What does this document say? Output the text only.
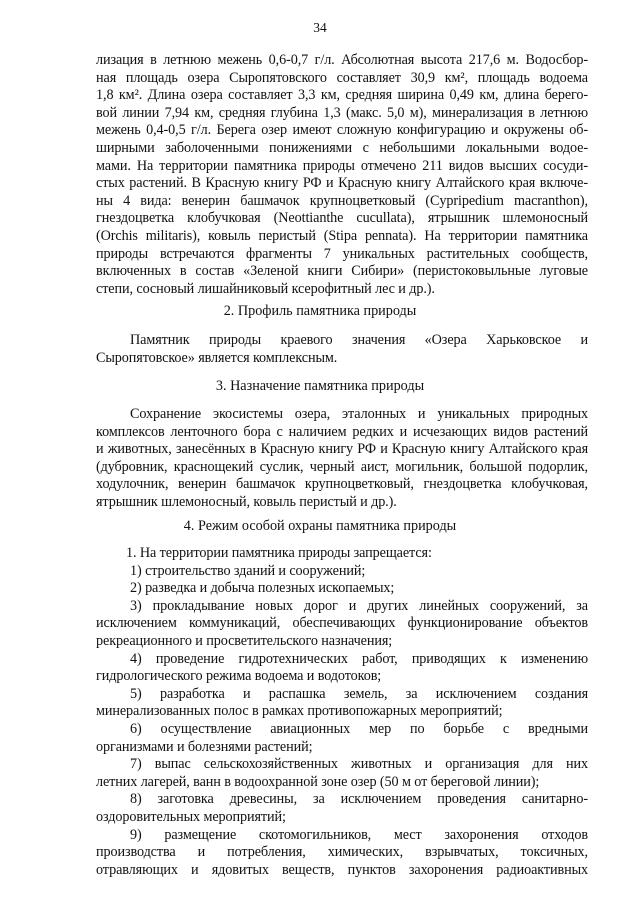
34
лизация в летнюю межень 0,6-0,7 г/л. Абсолютная высота 217,6 м. Водосбор-
ная площадь озера Сыропятовского составляет 30,9 км², площадь водоема
1,8 км². Длина озера составляет 3,3 км, средняя ширина 0,49 км, длина берего-
вой линии 7,94 км, средняя глубина 1,3 (макс. 5,0 м), минерализация в летнюю
межень 0,4-0,5 г/л. Берега озер имеют сложную конфигурацию и окружены об-
ширными заболоченными понижениями с небольшими локальными водое-
мами. На территории памятника природы отмечено 211 видов высших сосуди-
стых растений. В Красную книгу РФ и Красную книгу Алтайского края включе-
ны 4 вида: венерин башмачок крупноцветковый (Cypripedium macranthon),
гнездоцветка клобучковая (Neottianthe cucullata), ятрышник шлемоносный
(Orchis militaris), ковыль перистый (Stipa pennata). На территории памятника
природы встречаются фрагменты 7 уникальных растительных сообществ,
включенных в состав «Зеленой книги Сибири» (перистоковыльные луговые
степи, сосновый лишайниковый ксерофитный лес и др.).
2. Профиль памятника природы
Памятник природы краевого значения «Озера Харьковское и
Сыропятовское» является комплексным.
3. Назначение памятника природы
Сохранение экосистемы озера, эталонных и уникальных природных
комплексов ленточного бора с наличием редких и исчезающих видов растений
и животных, занесённых в Красную книгу РФ и Красную книгу Алтайского края
(дубровник, краснощекий суслик, черный аист, могильник, большой подорлик,
ходулочник, венерин башмачок крупноцветковый, гнездоцветка клобучковая,
ятрышник шлемоносный, ковыль перистый и др.).
4. Режим особой охраны памятника природы
1. На территории памятника природы запрещается:
1) строительство зданий и сооружений;
2) разведка и добыча полезных ископаемых;
3) прокладывание новых дорог и других линейных сооружений, за
исключением коммуникаций, обеспечивающих функционирование объектов
рекреационного и просветительского назначения;
4) проведение гидротехнических работ, приводящих к изменению
гидрологического режима водоема и водотоков;
5) разработка и распашка земель, за исключением создания
минерализованных полос в рамках противопожарных мероприятий;
6) осуществление авиационных мер по борьбе с вредными
организмами и болезнями растений;
7) выпас сельскохозяйственных животных и организация для них
летних лагерей, ванн в водоохранной зоне озер (50 м от береговой линии);
8) заготовка древесины, за исключением проведения санитарно-
оздоровительных мероприятий;
9) размещение скотомогильников, мест захоронения отходов
производства и потребления, химических, взрывчатых, токсичных,
отравляющих и ядовитых веществ, пунктов захоронения радиоактивных
